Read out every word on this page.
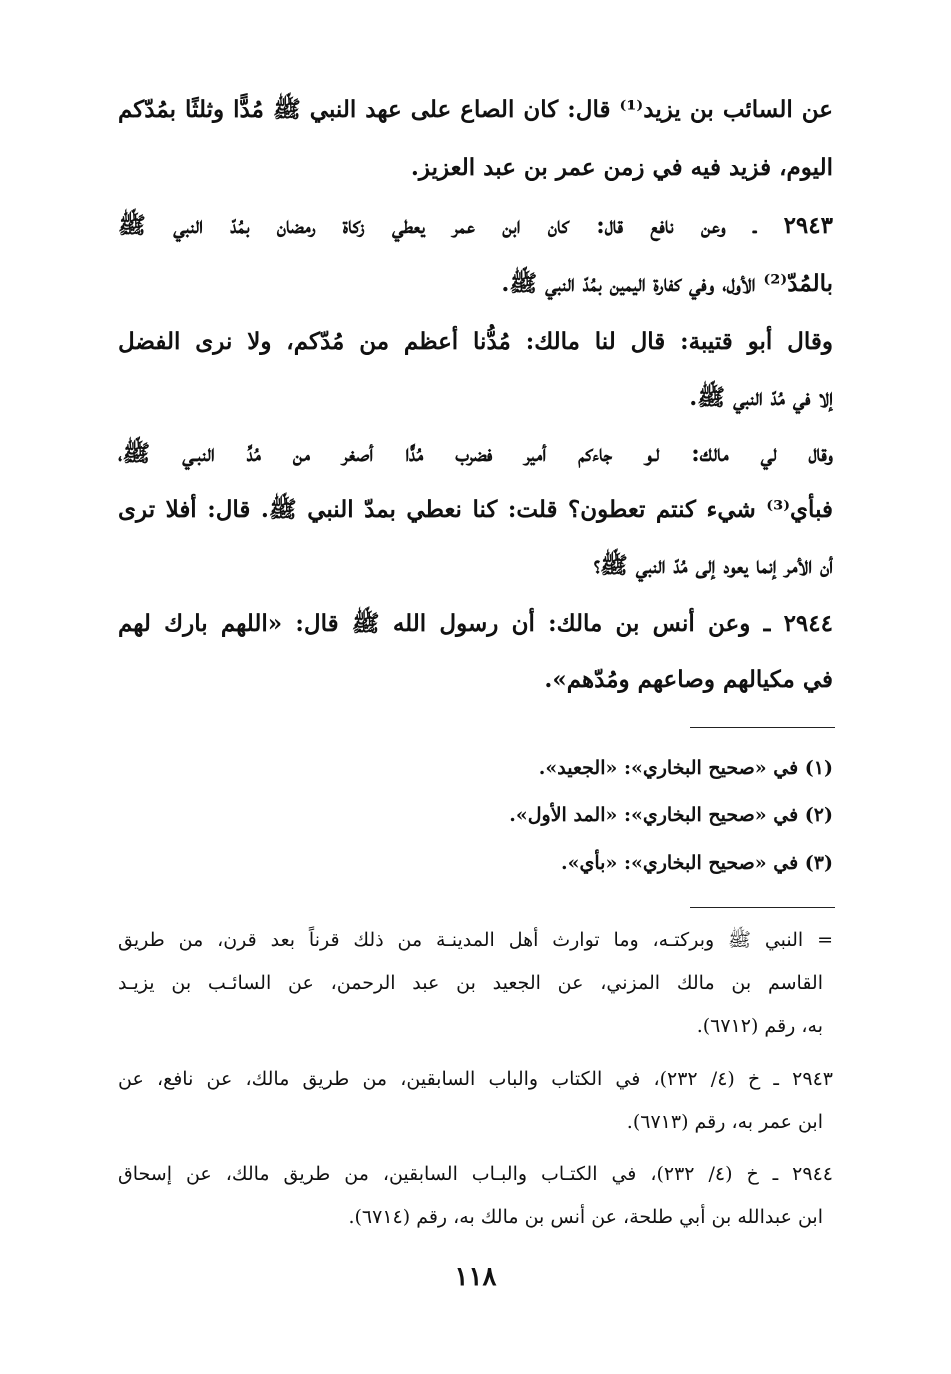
عن السائب بن يزيد⁽¹⁾ قال: كان الصاع على عهد النبي ﷺ مُدًّا وثلثًا بمُدّكم
اليوم، فزيد فيه في زمن عمر بن عبد العزيز.
٢٩٤٣ ـ وعن نافع قال: كان ابن عمر يعطي زكاة رمضان بمُدّ النبي ﷺ
بالمُدّ⁽²⁾ الأول، وفي كفارة اليمين بمُدّ النبي ﷺ.
وقال أبو قتيبة: قال لنا مالك: مُدُّنا أعظم من مُدّكم، ولا نرى الفضل
إلا في مُدّ النبي ﷺ.
وقال لي مالك: لـو جاءكم أمير فضرب مُدًّا أصغر من مُدِّ النبـي ﷺ،
فبأي⁽³⁾ شيء كنتم تعطون؟ قلت: كنا نعطي بمدّ النبي ﷺ. قال: أفلا ترى
أن الأمر إنما يعود إلى مُدّ النبي ﷺ؟
٢٩٤٤ ـ وعن أنس بن مالك: أن رسول الله ﷺ قال: «اللهم بارك لهم
في مكيالهم وصاعهم ومُدّهم».
(١) في «صحيح البخاري»: «الجعيد».
(٢) في «صحيح البخاري»: «المد الأول».
(٣) في «صحيح البخاري»: «بأي».
= النبي ﷺ وبركتـه، وما توارث أهل المدينـة من ذلك قرناً بعد قرن، من طريق
القاسم بن مالك المزني، عن الجعيد بن عبد الرحمن، عن السائـب بن يزيـد
به، رقم (٦٧١٢).
٢٩٤٣ ـ خ (٤/ ٢٣٢)، في الكتاب والباب السابقين، من طريق مالك، عن نافع، عن
ابن عمر به، رقم (٦٧١٣).
٢٩٤٤ ـ خ (٤/ ٢٣٢)، في الكتـاب والبـاب السابقين، من طريق مالك، عن إسحاق
ابن عبدالله بن أبي طلحة، عن أنس بن مالك به، رقم (٦٧١٤).
١١٨
